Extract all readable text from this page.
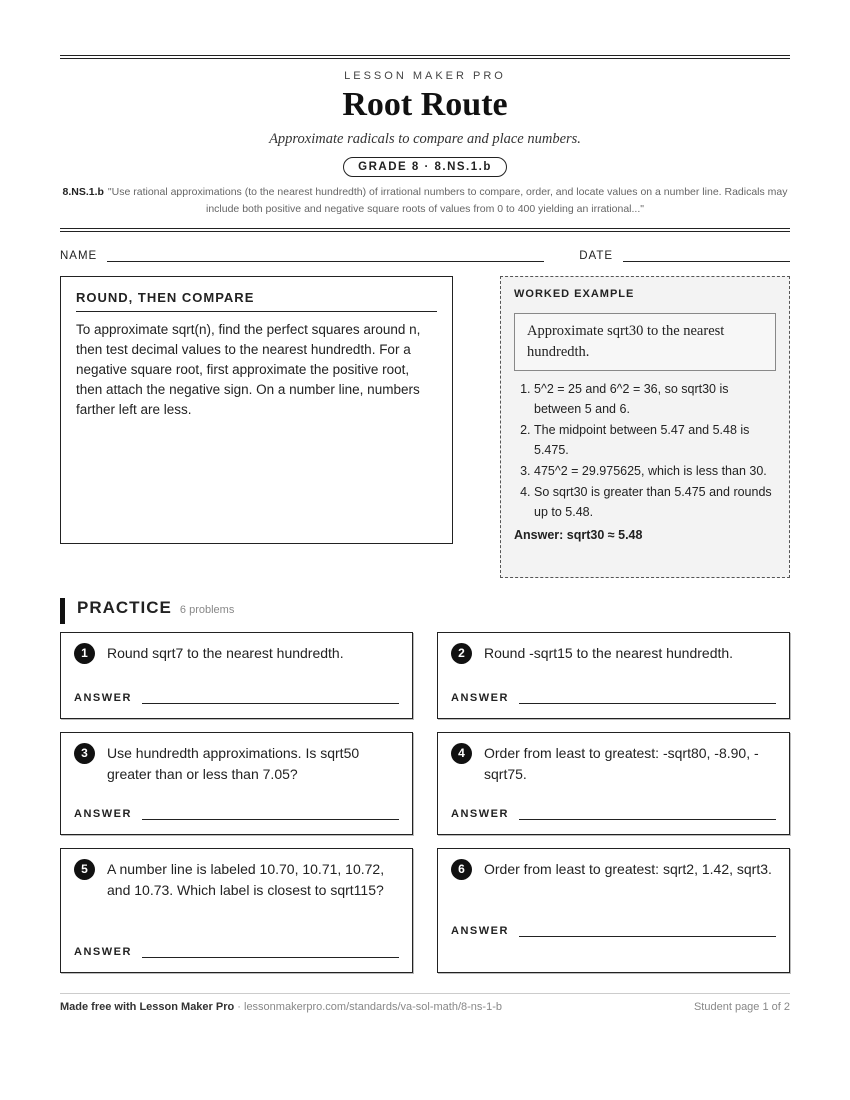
LESSON MAKER PRO
Root Route
Approximate radicals to compare and place numbers.
GRADE 8 · 8.NS.1.b
8.NS.1.b "Use rational approximations (to the nearest hundredth) of irrational numbers to compare, order, and locate values on a number line. Radicals may include both positive and negative square roots of values from 0 to 400 yielding an irrational..."
NAME	DATE
ROUND, THEN COMPARE

To approximate sqrt(n), find the perfect squares around n, then test decimal values to the nearest hundredth. For a negative square root, first approximate the positive root, then attach the negative sign. On a number line, numbers farther left are less.

WORKED EXAMPLE
Approximate sqrt30 to the nearest hundredth.
1. 5^2 = 25 and 6^2 = 36, so sqrt30 is between 5 and 6.
2. The midpoint between 5.47 and 5.48 is 5.475.
3. 475^2 = 29.975625, which is less than 30.
4. So sqrt30 is greater than 5.475 and rounds up to 5.48.
Answer: sqrt30 ≈ 5.48
PRACTICE 6 problems
1	Round sqrt7 to the nearest hundredth.
ANSWER
2	Round -sqrt15 to the nearest hundredth.
ANSWER
3	Use hundredth approximations. Is sqrt50 greater than or less than 7.05?
ANSWER
4	Order from least to greatest: -sqrt80, -8.90, -sqrt75.
ANSWER
5	A number line is labeled 10.70, 10.71, 10.72, and 10.73. Which label is closest to sqrt115?
ANSWER
6	Order from least to greatest: sqrt2, 1.42, sqrt3.
ANSWER
Made free with Lesson Maker Pro · lessonmakerpro.com/standards/va-sol-math/8-ns-1-b	Student page 1 of 2
